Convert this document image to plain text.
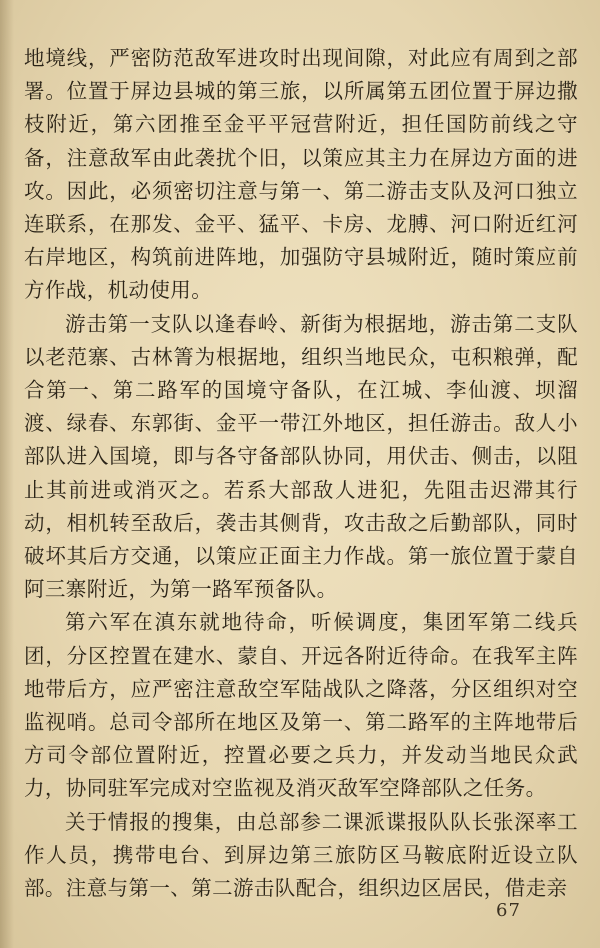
地境线，严密防范敌军进攻时出现间隙，对此应有周到之部署。位置于屏边县城的第三旅，以所属第五团位置于屏边撒枝附近，第六团推至金平平冠营附近，担任国防前线之守备，注意敌军由此袭扰个旧，以策应其主力在屏边方面的进攻。因此，必须密切注意与第一、第二游击支队及河口独立连联系，在那发、金平、猛平、卡房、龙膊、河口附近红河右岸地区，构筑前进阵地，加强防守县城附近，随时策应前方作战，机动使用。

游击第一支队以逢春岭、新街为根据地，游击第二支队以老范寨、古林箐为根据地，组织当地民众，屯积粮弹，配合第一、第二路军的国境守备队，在江城、李仙渡、坝溜渡、绿春、东郭街、金平一带江外地区，担任游击。敌人小部队进入国境，即与各守备部队协同，用伏击、侧击，以阻止其前进或消灭之。若系大部敌人进犯，先阻击迟滞其行动，相机转至敌后，袭击其侧背，攻击敌之后勤部队，同时破坏其后方交通，以策应正面主力作战。第一旅位置于蒙自阿三寨附近，为第一路军预备队。

第六军在滇东就地待命，听候调度，集团军第二线兵团，分区控置在建水、蒙自、开远各附近待命。在我军主阵地带后方，应严密注意敌空军陆战队之降落，分区组织对空监视哨。总司令部所在地区及第一、第二路军的主阵地带后方司令部位置附近，控置必要之兵力，并发动当地民众武力，协同驻军完成对空监视及消灭敌军空降部队之任务。

关于情报的搜集，由总部参二课派谍报队队长张深率工作人员，携带电台、到屏边第三旅防区马鞍底附近设立队部。注意与第一、第二游击队配合，组织边区居民，借走亲

67
